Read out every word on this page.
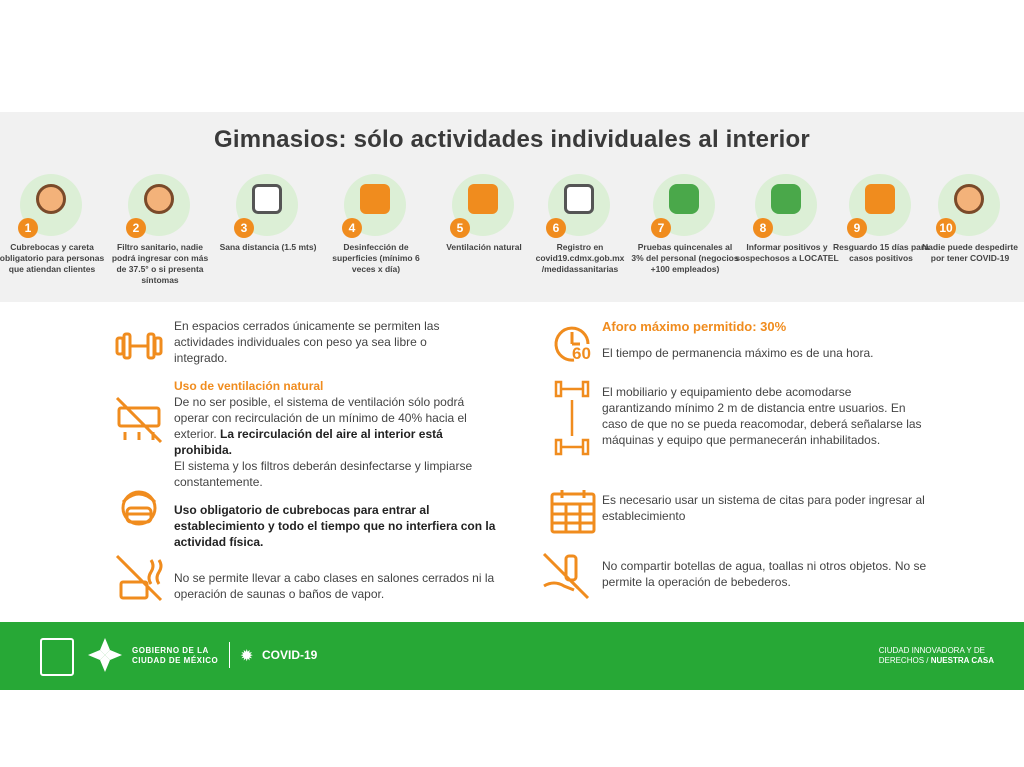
Gimnasios: sólo actividades individuales al interior
1
Cubrebocas y careta obligatorio para personas que atiendan clientes
2
Filtro sanitario, nadie podrá ingresar con más de 37.5° o si presenta síntomas
3
Sana distancia (1.5 mts)
4
Desinfección de superficies (mínimo 6 veces x día)
5
Ventilación natural
6
Registro en covid19.cdmx.gob.mx /medidassanitarias
7
Pruebas quincenales al 3% del personal (negocios +100 empleados)
8
Informar positivos y sospechosos a LOCATEL
9
Resguardo 15 días para casos positivos
10
Nadie puede despedirte por tener COVID-19
En espacios cerrados únicamente se permiten las actividades individuales con peso ya sea libre o integrado.
Uso de ventilación natural
De no ser posible, el sistema de ventilación sólo podrá operar con recirculación de un mínimo de 40% hacia el exterior. La recirculación del aire al interior está prohibida.
El sistema y los filtros deberán desinfectarse y limpiarse constantemente.
Uso obligatorio de cubrebocas para entrar al establecimiento y todo el tiempo que no interfiera con la actividad física.
No se permite llevar a cabo clases en salones cerrados ni la operación de saunas o baños de vapor.
60
Aforo máximo permitido: 30%
El tiempo de permanencia máximo es de una hora.
El mobiliario y equipamiento debe acomodarse garantizando mínimo 2 m de distancia entre usuarios. En caso de que no se pueda reacomodar, deberá señalarse las máquinas y equipo que permanecerán inhabilitados.
Es necesario usar un sistema de citas para poder ingresar al establecimiento
No compartir botellas de agua, toallas ni otros objetos. No se permite la operación de bebederos.
GOBIERNO DE LA
CIUDAD DE MÉXICO ✹ COVID-19	CIUDAD INNOVADORA Y DE
DERECHOS / NUESTRA CASA
